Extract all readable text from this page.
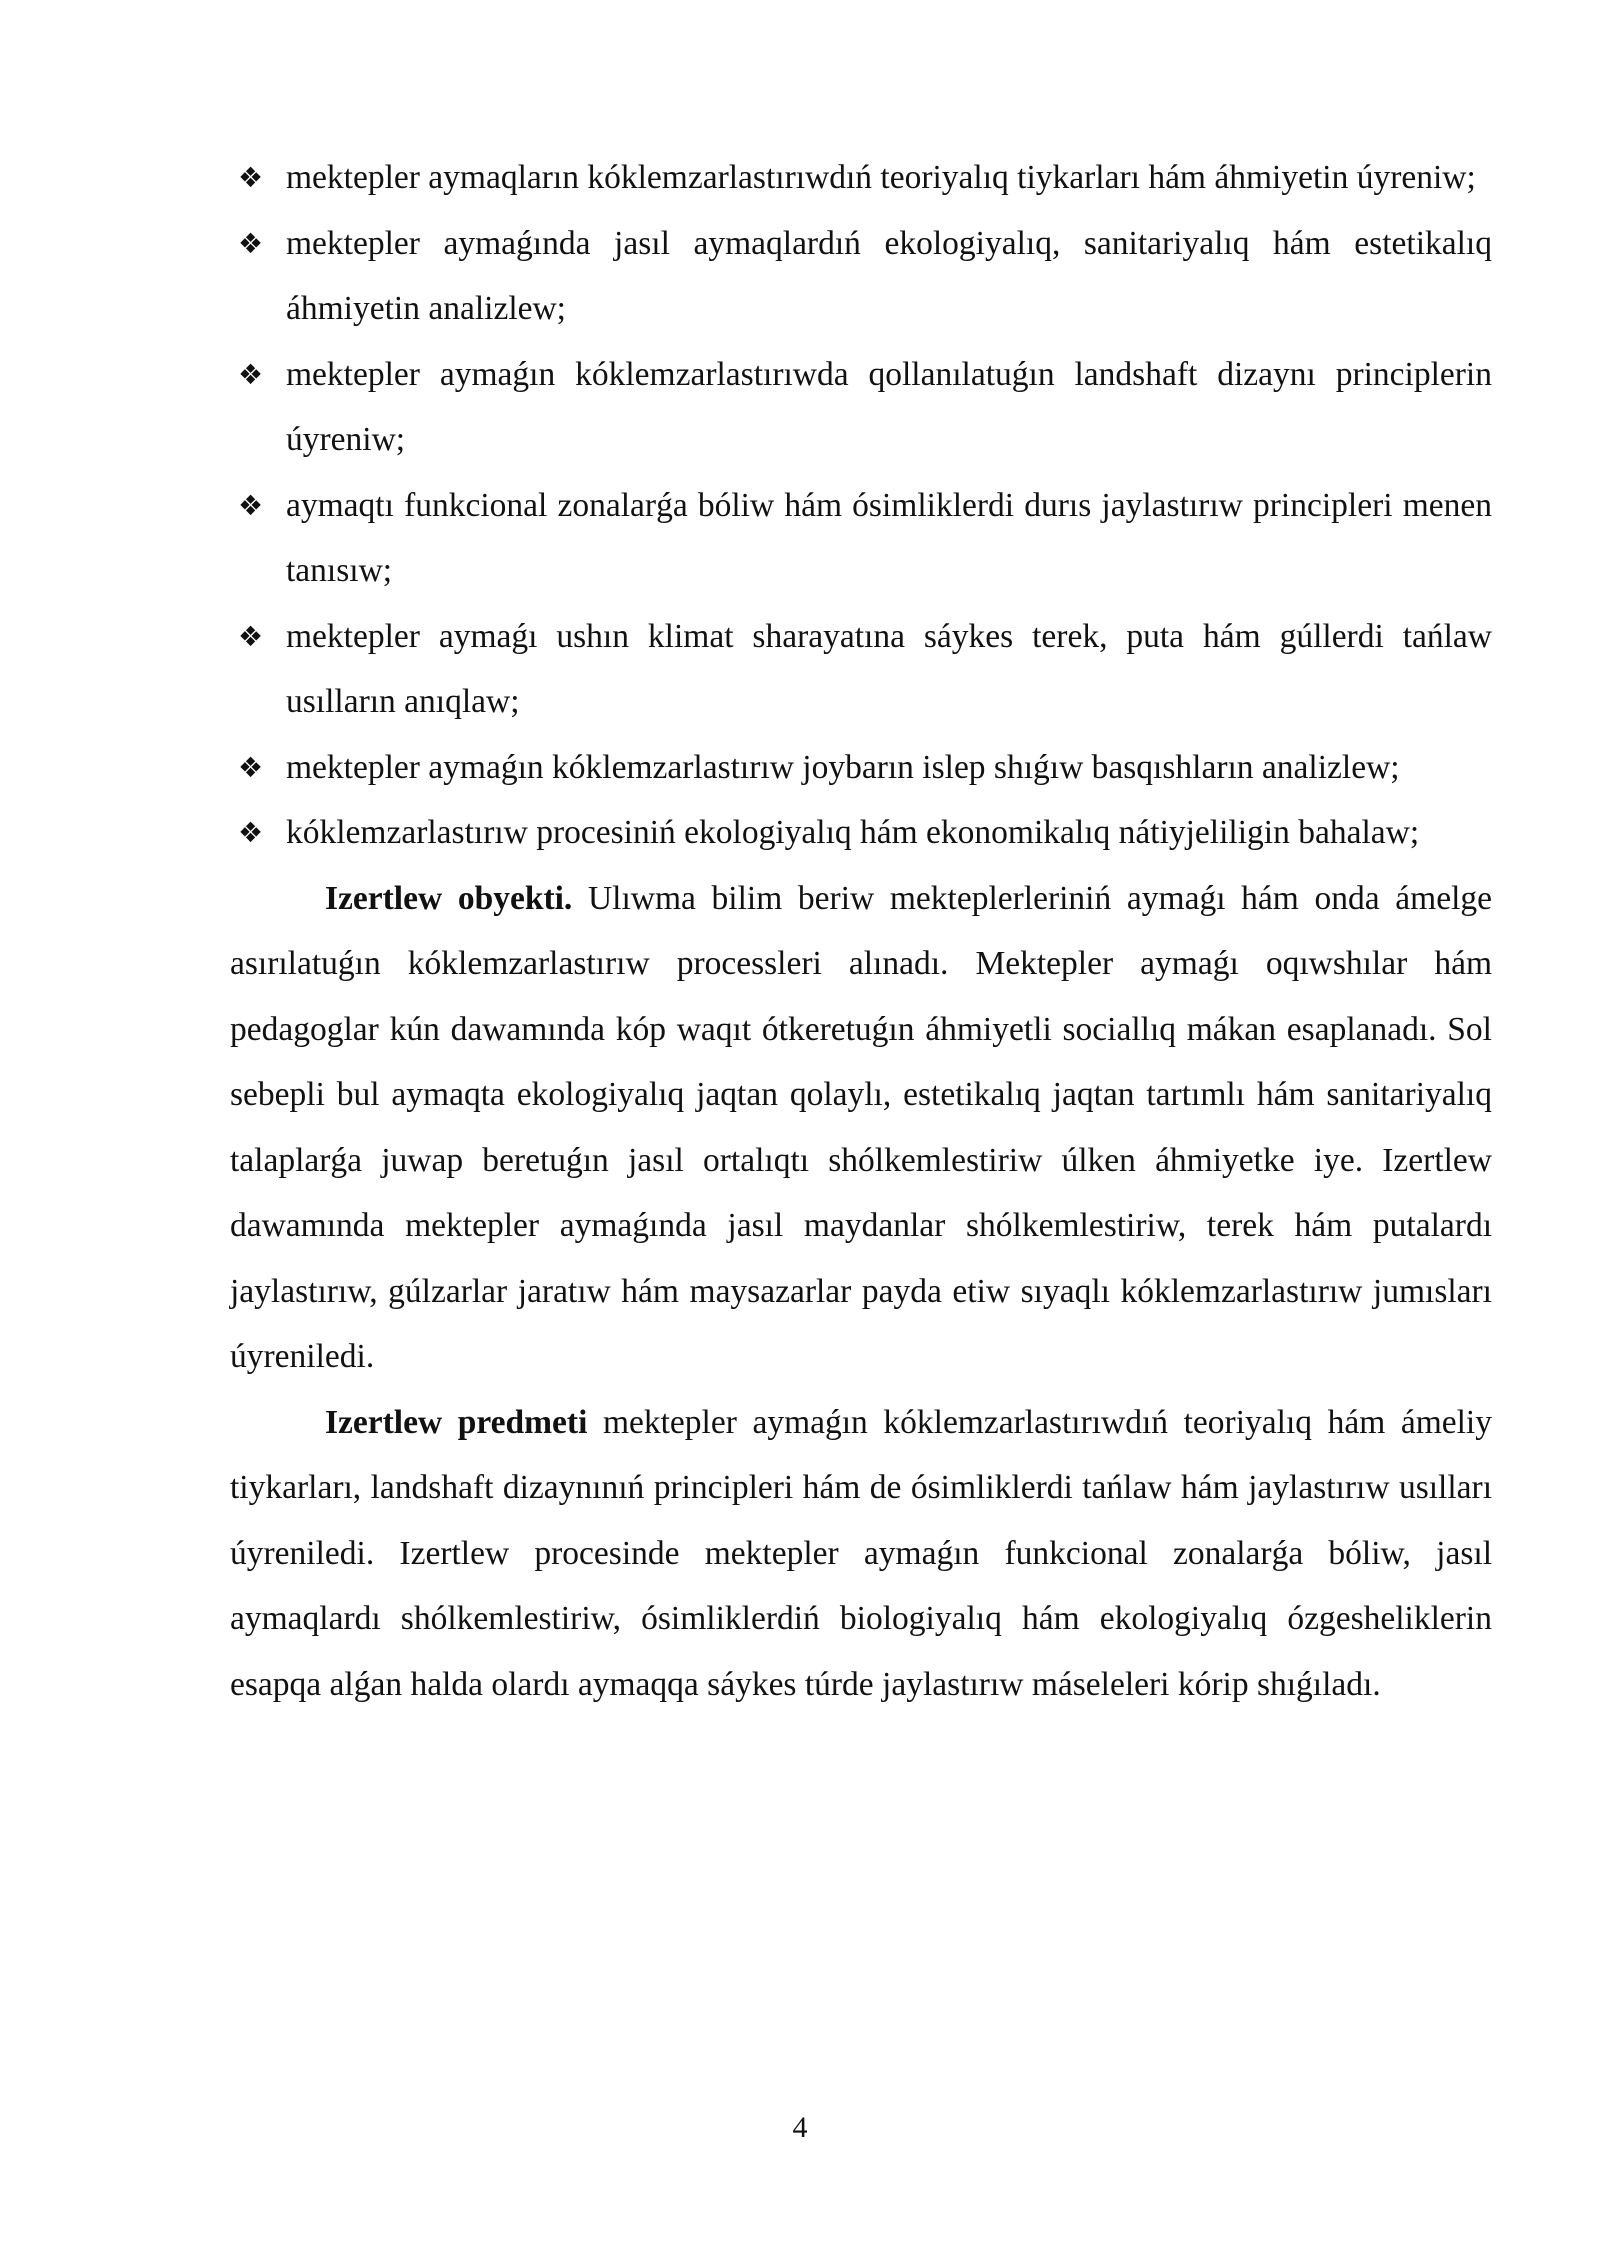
❖ mektepler aymaqların kóklemzarlastırıwdıń teoriyalıq tiykarları hám áhmiyetin úyreniw;
❖ mektepler aymaǵında jasıl aymaqlardıń ekologiyalıq, sanitariyalıq hám estetikalıq áhmiyetin analizlew;
❖ mektepler aymaǵın kóklemzarlastırıwda qollanılatuǵın landshaft dizaynı principlerin úyreniw;
❖ aymaqtı funkcional zonalarǵa bóliw hám ósimliklerdi durıs jaylastırıw principleri menen tanısıw;
❖ mektepler aymaǵı ushın klimat sharayatına sáykes terek, puta hám gúllerdi tańlaw usılların anıqlaw;
❖ mektepler aymaǵın kóklemzarlastırıw joybarın islep shıǵıw basqıshların analizlew;
❖ kóklemzarlastırıw procesiniń ekologiyalıq hám ekonomikalıq nátiyjeliligin bahalaw;

Izertlew obyekti. Ulıwma bilim beriw mekteplerleriniń aymaǵı hám onda ámelge asırılatuǵın kóklemzarlastırıw processleri alınadı. Mektepler aymaǵı oqıwshılar hám pedagoglar kún dawamında kóp waqıt ótkeretuǵın áhmiyetli sociallıq mákan esaplanadı. Sol sebepli bul aymaqta ekologiyalıq jaqtan qolaylı, estetikalıq jaqtan tartımlı hám sanitariyalıq talaplarǵa juwap beretuǵın jasıl ortalıqtı shólkemlestiriw úlken áhmiyetke iye. Izertlew dawamında mektepler aymaǵında jasıl maydanlar shólkemlestiriw, terek hám putalardı jaylastırıw, gúlzarlar jaratıw hám maysazarlar payda etiw sıyaqlı kóklemzarlastırıw jumısları úyreniledi.

Izertlew predmeti mektepler aymaǵın kóklemzarlastırıwdıń teoriyalıq hám ámeliy tiykarları, landshaft dizaynınıń principleri hám de ósimliklerdi tańlaw hám jaylastırıw usılları úyreniledi. Izertlew procesinde mektepler aymaǵın funkcional zonalarǵa bóliw, jasıl aymaqlardı shólkemlestiriw, ósimliklerdiń biologiyalıq hám ekologiyalıq ózgesheliklerin esapqa alǵan halda olardı aymaqqa sáykes túrde jaylastırıw máseleleri kórip shıǵıladı.

4
